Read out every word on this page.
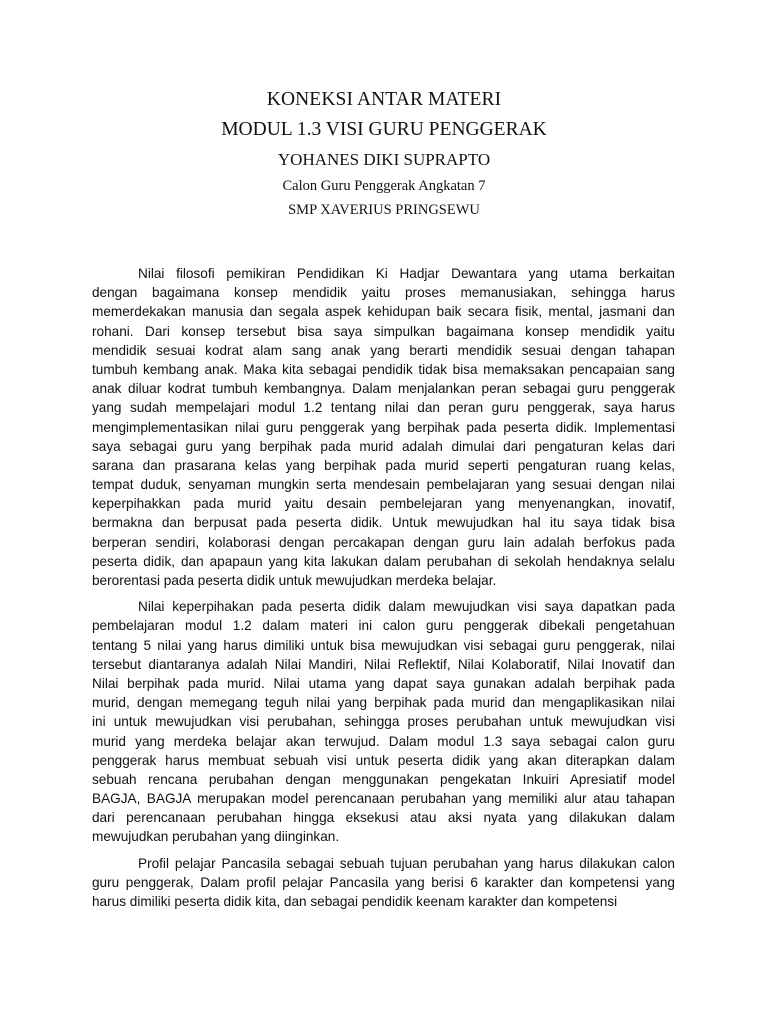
KONEKSI ANTAR MATERI
MODUL 1.3 VISI GURU PENGGERAK
YOHANES DIKI SUPRAPTO
Calon Guru Penggerak Angkatan 7
SMP XAVERIUS PRINGSEWU
Nilai filosofi pemikiran Pendidikan Ki Hadjar Dewantara yang utama berkaitan
dengan bagaimana konsep mendidik yaitu proses memanusiakan, sehingga harus
memerdekakan manusia dan segala aspek kehidupan baik secara fisik, mental, jasmani dan
rohani. Dari konsep tersebut bisa saya simpulkan bagaimana konsep mendidik yaitu
mendidik sesuai kodrat alam sang anak yang berarti mendidik sesuai dengan tahapan
tumbuh kembang anak. Maka kita sebagai pendidik tidak bisa memaksakan pencapaian sang
anak diluar kodrat tumbuh kembangnya. Dalam menjalankan peran sebagai guru penggerak
yang sudah mempelajari modul 1.2 tentang nilai dan peran guru penggerak, saya harus
mengimplementasikan nilai guru penggerak yang berpihak pada peserta didik. Implementasi
saya sebagai guru yang berpihak pada murid adalah dimulai dari pengaturan kelas dari
sarana dan prasarana kelas yang berpihak pada murid seperti pengaturan ruang kelas,
tempat duduk, senyaman mungkin serta mendesain pembelajaran yang sesuai dengan nilai
keperpihakkan pada murid yaitu desain pembelejaran yang menyenangkan, inovatif,
bermakna dan berpusat pada peserta didik. Untuk mewujudkan hal itu saya tidak bisa
berperan sendiri, kolaborasi dengan percakapan dengan guru lain adalah berfokus pada
peserta didik, dan apapaun yang kita lakukan dalam perubahan di sekolah hendaknya selalu
berorentasi pada peserta didik untuk mewujudkan merdeka belajar.
Nilai keperpihakan pada peserta didik dalam mewujudkan visi saya dapatkan pada
pembelajaran modul 1.2 dalam materi ini calon guru penggerak dibekali pengetahuan
tentang 5 nilai yang harus dimiliki untuk bisa mewujudkan visi sebagai guru penggerak, nilai
tersebut diantaranya adalah Nilai Mandiri, Nilai Reflektif, Nilai Kolaboratif, Nilai Inovatif dan
Nilai berpihak pada murid. Nilai utama yang dapat saya gunakan adalah berpihak pada
murid, dengan memegang teguh nilai yang berpihak pada murid dan mengaplikasikan nilai
ini untuk mewujudkan visi perubahan, sehingga proses perubahan untuk mewujudkan visi
murid yang merdeka belajar akan terwujud. Dalam modul 1.3 saya sebagai calon guru
penggerak harus membuat sebuah visi untuk peserta didik yang akan diterapkan dalam
sebuah rencana perubahan dengan menggunakan pengekatan Inkuiri Apresiatif model
BAGJA, BAGJA merupakan model perencanaan perubahan yang memiliki alur atau tahapan
dari perencanaan perubahan hingga eksekusi atau aksi nyata yang dilakukan dalam
mewujudkan perubahan yang diinginkan.
Profil pelajar Pancasila sebagai sebuah tujuan perubahan yang harus dilakukan calon
guru penggerak, Dalam profil pelajar Pancasila yang berisi 6 karakter dan kompetensi yang
harus dimiliki peserta didik kita, dan sebagai pendidik keenam karakter dan kompetensi
